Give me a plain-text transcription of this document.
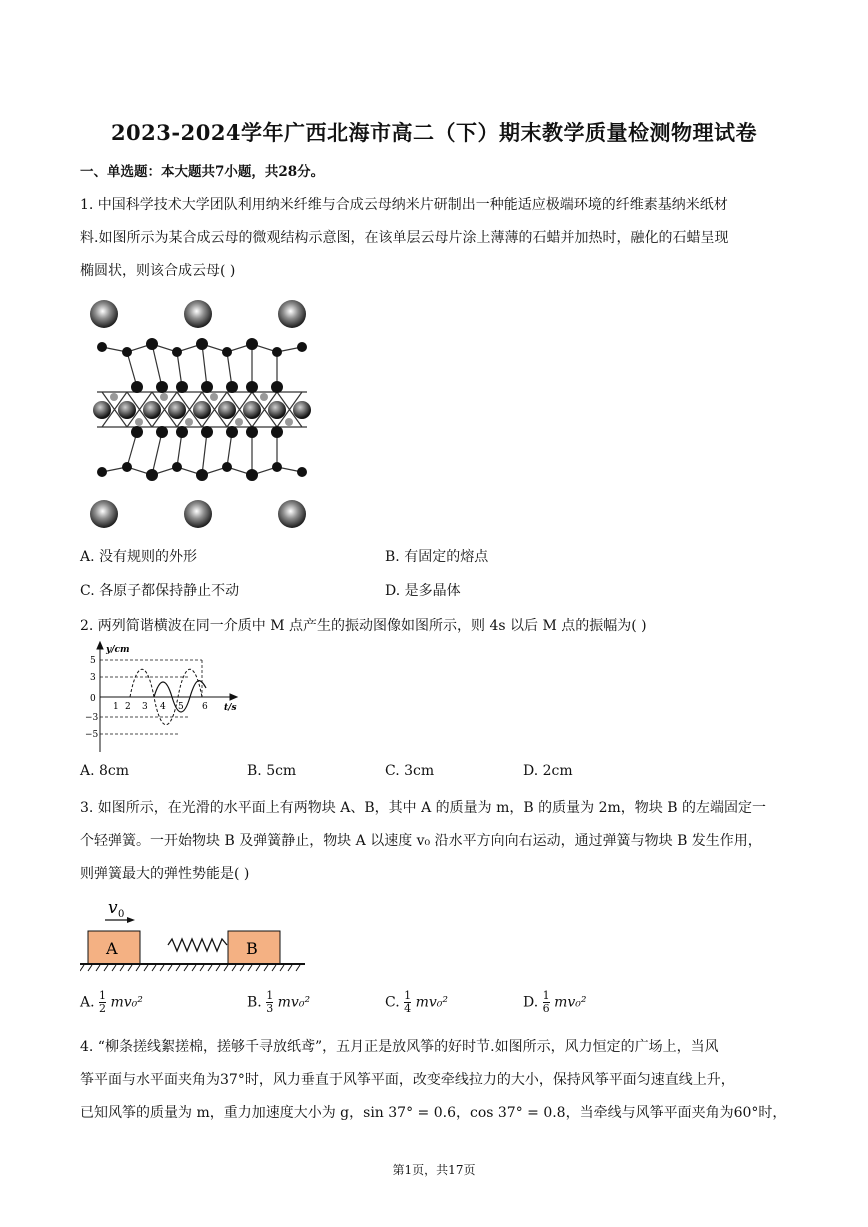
2023-2024学年广西北海市高二（下）期末教学质量检测物理试卷
一、单选题：本大题共7小题，共28分。
1. 中国科学技术大学团队利用纳米纤维与合成云母纳米片研制出一种能适应极端环境的纤维素基纳米纸材
料.如图所示为某合成云母的微观结构示意图，在该单层云母片涂上薄薄的石蜡并加热时，融化的石蜡呈现
椭圆状，则该合成云母( )
A. 没有规则的外形	B. 有固定的熔点
C. 各原子都保持静止不动	D. 是多晶体
2. 两列简谐横波在同一介质中 M 点产生的振动图像如图所示，则 4s 以后 M 点的振幅为( )
y/cm
t/s
0
5
3
−3
−5
1 2 3 4 5 6
A. 8cm	B. 5cm	C. 3cm	D. 2cm
3. 如图所示，在光滑的水平面上有两物块 A、B，其中 A 的质量为 m，B 的质量为 2m，物块 B 的左端固定一
个轻弹簧。一开始物块 B 及弹簧静止，物块 A 以速度 v₀ 沿水平方向向右运动，通过弹簧与物块 B 发生作用，
则弹簧最大的弹性势能是( )
v 0
A	B
A. $\frac{1}{2} mv_0^2$	B. $\frac{1}{3} mv_0^2$	C. $\frac{1}{4} mv_0^2$	D. $\frac{1}{6} mv_0^2$
4. “柳条搓线絮搓棉，搓够千寻放纸鸢”，五月正是放风筝的好时节.如图所示，风力恒定的广场上，当风
筝平面与水平面夹角为37°时，风力垂直于风筝平面，改变牵线拉力的大小，保持风筝平面匀速直线上升，
已知风筝的质量为 m，重力加速度大小为 g，sin 37° = 0.6，cos 37° = 0.8，当牵线与风筝平面夹角为60°时，
第1页，共17页
